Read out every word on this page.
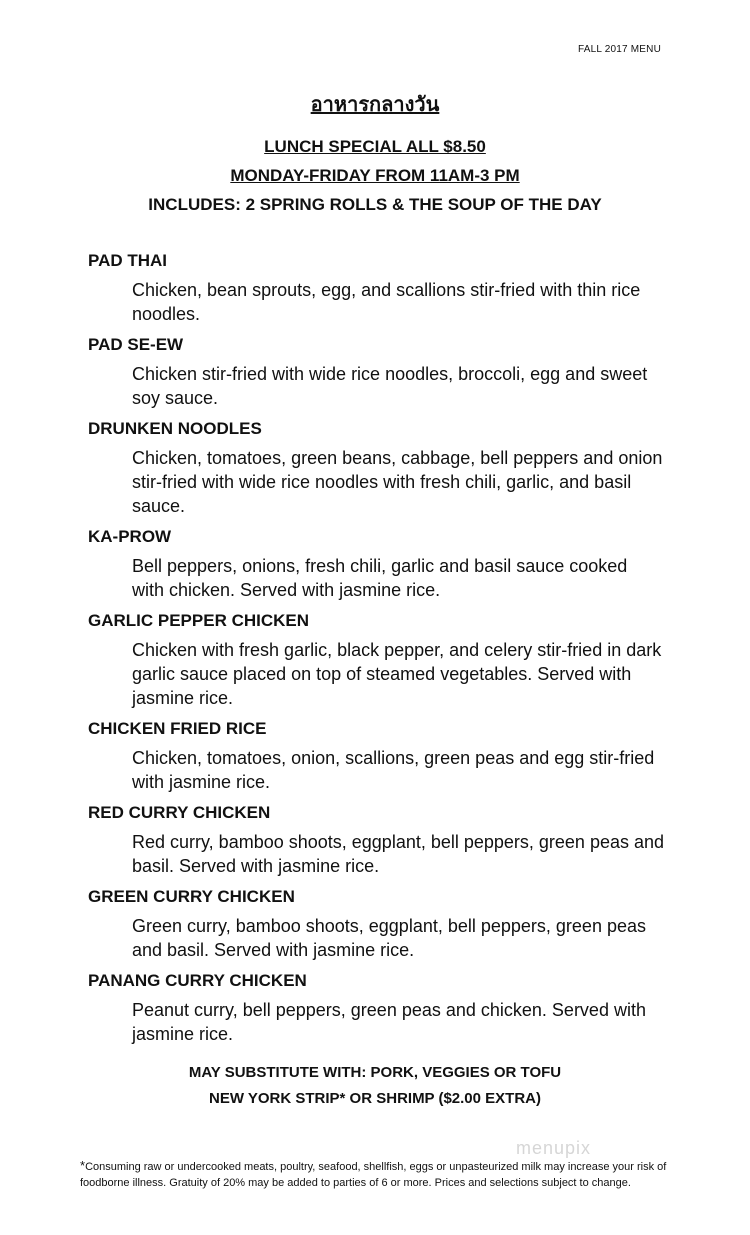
FALL 2017 MENU

อาหารกลางวัน

LUNCH SPECIAL ALL $8.50

MONDAY-FRIDAY FROM 11AM-3 PM

INCLUDES: 2 SPRING ROLLS & THE SOUP OF THE DAY

PAD THAI

Chicken, bean sprouts, egg, and scallions stir-fried with thin rice noodles.

PAD SE-EW

Chicken stir-fried with wide rice noodles, broccoli, egg and sweet soy sauce.

DRUNKEN NOODLES

Chicken, tomatoes, green beans, cabbage, bell peppers and onion stir-fried with wide rice noodles with fresh chili, garlic, and basil sauce.

KA-PROW

Bell peppers, onions, fresh chili, garlic and basil sauce cooked with chicken. Served with jasmine rice.

GARLIC PEPPER CHICKEN

Chicken with fresh garlic, black pepper, and celery stir-fried in dark garlic sauce placed on top of steamed vegetables. Served with jasmine rice.

CHICKEN FRIED RICE

Chicken, tomatoes, onion, scallions, green peas and egg stir-fried with jasmine rice.

RED CURRY CHICKEN

Red curry, bamboo shoots, eggplant, bell peppers, green peas and basil. Served with jasmine rice.

GREEN CURRY CHICKEN

Green curry, bamboo shoots, eggplant, bell peppers, green peas and basil. Served with jasmine rice.

PANANG CURRY CHICKEN

Peanut curry, bell peppers, green peas and chicken. Served with jasmine rice.

MAY SUBSTITUTE WITH: PORK, VEGGIES OR TOFU

NEW YORK STRIP* OR SHRIMP ($2.00 EXTRA)

menupix
*Consuming raw or undercooked meats, poultry, seafood, shellfish, eggs or unpasteurized milk may increase your risk of foodborne illness. Gratuity of 20% may be added to parties of 6 or more. Prices and selections subject to change.
